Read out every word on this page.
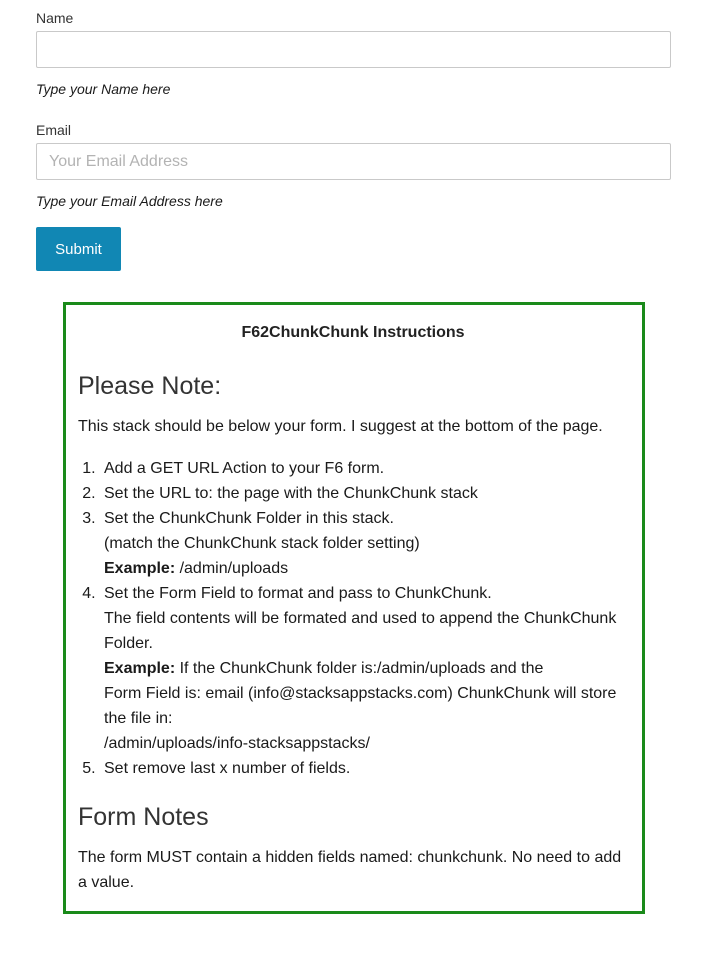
Name
Type your Name here
Email
Your Email Address
Type your Email Address here
Submit
F62ChunkChunk Instructions
Please Note:

This stack should be below your form. I suggest at the bottom of the page.

1. Add a GET URL Action to your F6 form.
2. Set the URL to: the page with the ChunkChunk stack
3. Set the ChunkChunk Folder in this stack.
(match the ChunkChunk stack folder setting)
Example: /admin/uploads
4. Set the Form Field to format and pass to ChunkChunk.
The field contents will be formated and used to append the ChunkChunk Folder.
Example: If the ChunkChunk folder is:/admin/uploads and the
Form Field is: email (info@stacksappstacks.com) ChunkChunk will store
the file in:
/admin/uploads/info-stacksappstacks/
5. Set remove last x number of fields.
Form Notes

The form MUST contain a hidden fields named: chunkchunk. No need to add a value.
